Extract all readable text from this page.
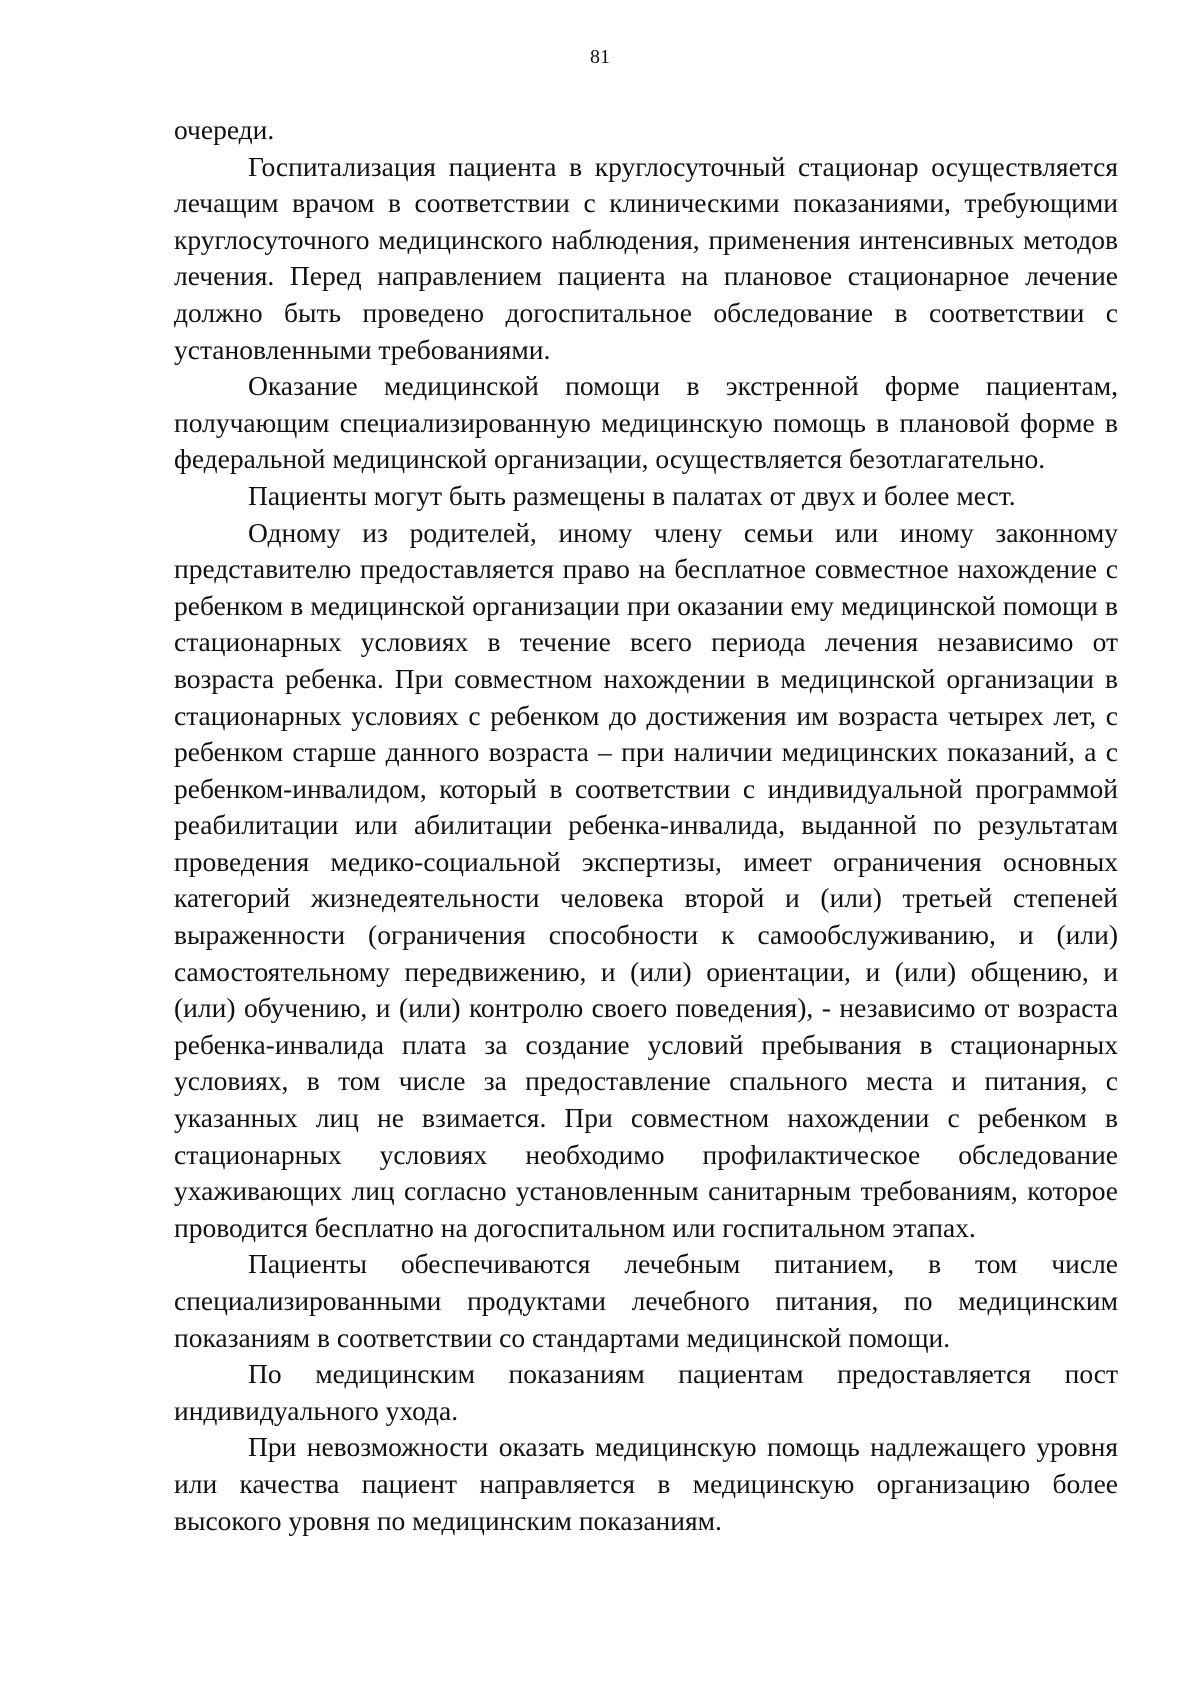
81

очереди.

Госпитализация пациента в круглосуточный стационар осуществляется лечащим врачом в соответствии с клиническими показаниями, требующими круглосуточного медицинского наблюдения, применения интенсивных методов лечения. Перед направлением пациента на плановое стационарное лечение должно быть проведено догоспитальное обследование в соответствии с установленными требованиями.

Оказание медицинской помощи в экстренной форме пациентам, получающим специализированную медицинскую помощь в плановой форме в федеральной медицинской организации, осуществляется безотлагательно.

Пациенты могут быть размещены в палатах от двух и более мест.

Одному из родителей, иному члену семьи или иному законному представителю предоставляется право на бесплатное совместное нахождение с ребенком в медицинской организации при оказании ему медицинской помощи в стационарных условиях в течение всего периода лечения независимо от возраста ребенка. При совместном нахождении в медицинской организации в стационарных условиях с ребенком до достижения им возраста четырех лет, с ребенком старше данного возраста – при наличии медицинских показаний, а с ребенком-инвалидом, который в соответствии с индивидуальной программой реабилитации или абилитации ребенка-инвалида, выданной по результатам проведения медико-социальной экспертизы, имеет ограничения основных категорий жизнедеятельности человека второй и (или) третьей степеней выраженности (ограничения способности к самообслуживанию, и (или) самостоятельному передвижению, и (или) ориентации, и (или) общению, и (или) обучению, и (или) контролю своего поведения), - независимо от возраста ребенка-инвалида плата за создание условий пребывания в стационарных условиях, в том числе за предоставление спального места и питания, с указанных лиц не взимается. При совместном нахождении с ребенком в стационарных условиях необходимо профилактическое обследование ухаживающих лиц согласно установленным санитарным требованиям, которое проводится бесплатно на догоспитальном или госпитальном этапах.

Пациенты обеспечиваются лечебным питанием, в том числе специализированными продуктами лечебного питания, по медицинским показаниям в соответствии со стандартами медицинской помощи.

По медицинским показаниям пациентам предоставляется пост индивидуального ухода.

При невозможности оказать медицинскую помощь надлежащего уровня или качества пациент направляется в медицинскую организацию более высокого уровня по медицинским показаниям.
